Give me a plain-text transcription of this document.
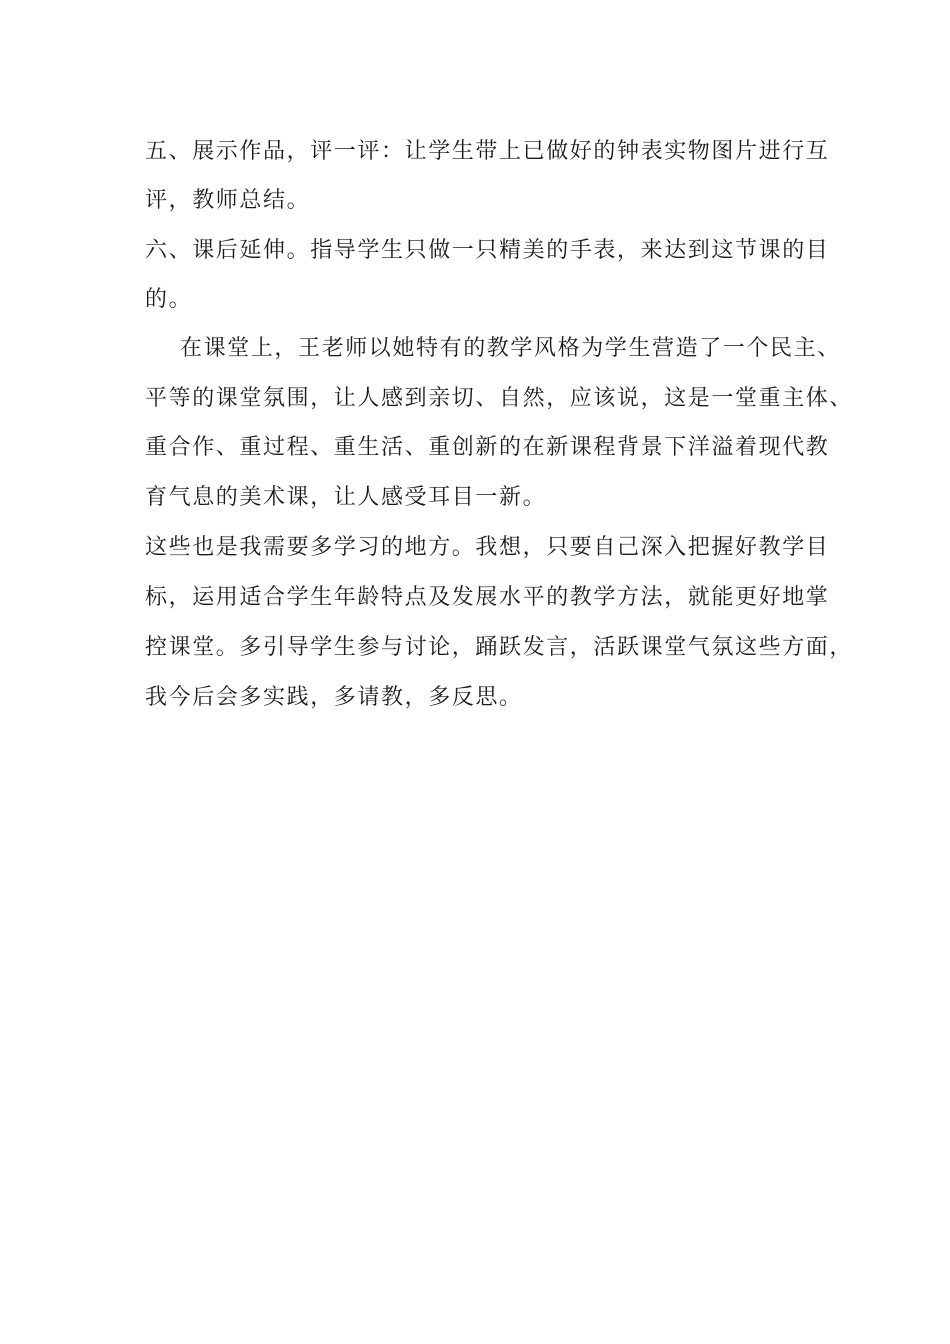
五、展示作品，评一评：让学生带上已做好的钟表实物图片进行互
评，教师总结。
六、课后延伸。指导学生只做一只精美的手表，来达到这节课的目
的。
在课堂上，王老师以她特有的教学风格为学生营造了一个民主、
平等的课堂氛围，让人感到亲切、自然，应该说，这是一堂重主体、
重合作、重过程、重生活、重创新的在新课程背景下洋溢着现代教
育气息的美术课，让人感受耳目一新。
这些也是我需要多学习的地方。我想，只要自己深入把握好教学目
标，运用适合学生年龄特点及发展水平的教学方法，就能更好地掌
控课堂。多引导学生参与讨论，踊跃发言，活跃课堂气氛这些方面，
我今后会多实践，多请教，多反思。
